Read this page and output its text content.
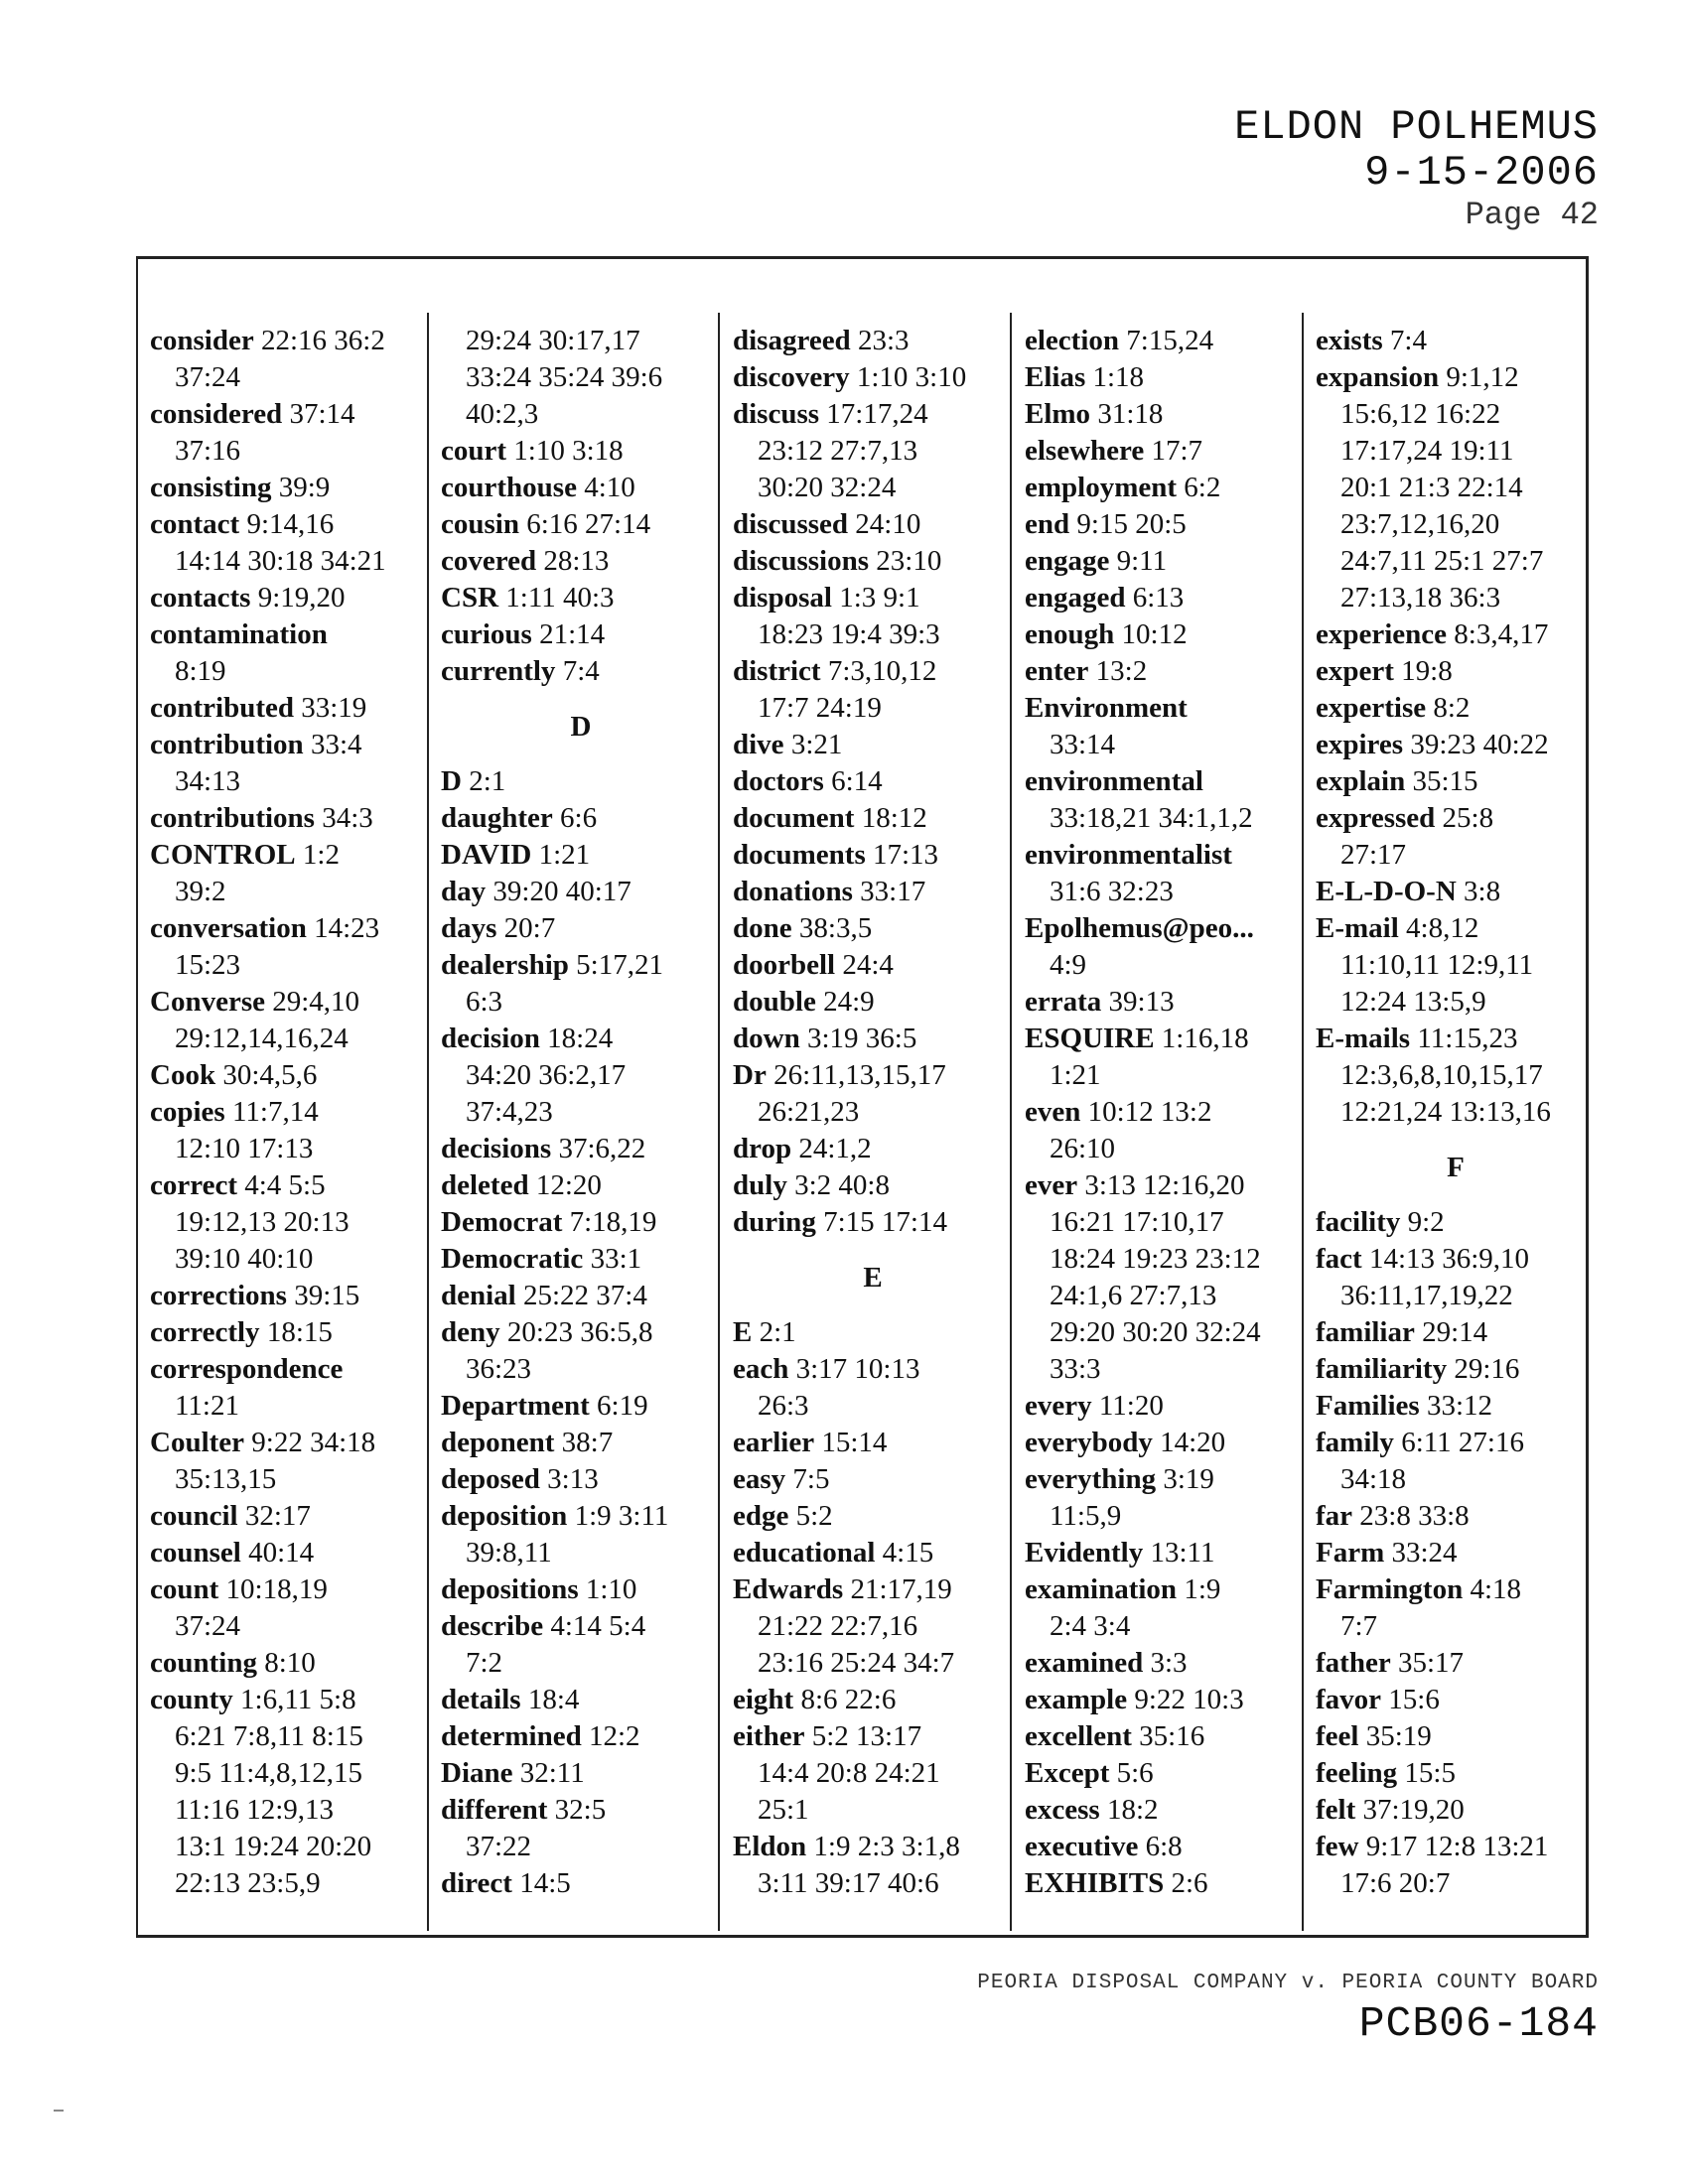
ELDON POLHEMUS
9-15-2006
Page 42
consider 22:16 36:2
37:24
considered 37:14
37:16
consisting 39:9
contact 9:14,16
14:14 30:18 34:21
contacts 9:19,20
contamination
8:19
contributed 33:19
contribution 33:4
34:13
contributions 34:3
CONTROL 1:2
39:2
conversation 14:23
15:23
Converse 29:4,10
29:12,14,16,24
Cook 30:4,5,6
copies 11:7,14
12:10 17:13
correct 4:4 5:5
19:12,13 20:13
39:10 40:10
corrections 39:15
correctly 18:15
correspondence
11:21
Coulter 9:22 34:18
35:13,15
council 32:17
counsel 40:14
count 10:18,19
37:24
counting 8:10
county 1:6,11 5:8
6:21 7:8,11 8:15
9:5 11:4,8,12,15
11:16 12:9,13
13:1 19:24 20:20
22:13 23:5,9
29:24 30:17,17
33:24 35:24 39:6
40:2,3
court 1:10 3:18
courthouse 4:10
cousin 6:16 27:14
covered 28:13
CSR 1:11 40:3
curious 21:14
currently 7:4
D
D 2:1
daughter 6:6
DAVID 1:21
day 39:20 40:17
days 20:7
dealership 5:17,21
6:3
decision 18:24
34:20 36:2,17
37:4,23
decisions 37:6,22
deleted 12:20
Democrat 7:18,19
Democratic 33:1
denial 25:22 37:4
deny 20:23 36:5,8
36:23
Department 6:19
deponent 38:7
deposed 3:13
deposition 1:9 3:11
39:8,11
depositions 1:10
describe 4:14 5:4
7:2
details 18:4
determined 12:2
Diane 32:11
different 32:5
37:22
direct 14:5
disagreed 23:3
discovery 1:10 3:10
discuss 17:17,24
23:12 27:7,13
30:20 32:24
discussed 24:10
discussions 23:10
disposal 1:3 9:1
18:23 19:4 39:3
district 7:3,10,12
17:7 24:19
dive 3:21
doctors 6:14
document 18:12
documents 17:13
donations 33:17
done 38:3,5
doorbell 24:4
double 24:9
down 3:19 36:5
Dr 26:11,13,15,17
26:21,23
drop 24:1,2
duly 3:2 40:8
during 7:15 17:14
E
E 2:1
each 3:17 10:13
26:3
earlier 15:14
easy 7:5
edge 5:2
educational 4:15
Edwards 21:17,19
21:22 22:7,16
23:16 25:24 34:7
eight 8:6 22:6
either 5:2 13:17
14:4 20:8 24:21
25:1
Eldon 1:9 2:3 3:1,8
3:11 39:17 40:6
election 7:15,24
Elias 1:18
Elmo 31:18
elsewhere 17:7
employment 6:2
end 9:15 20:5
engage 9:11
engaged 6:13
enough 10:12
enter 13:2
Environment
33:14
environmental
33:18,21 34:1,1,2
environmentalist
31:6 32:23
Epolhemus@peo...
4:9
errata 39:13
ESQUIRE 1:16,18
1:21
even 10:12 13:2
26:10
ever 3:13 12:16,20
16:21 17:10,17
18:24 19:23 23:12
24:1,6 27:7,13
29:20 30:20 32:24
33:3
every 11:20
everybody 14:20
everything 3:19
11:5,9
Evidently 13:11
examination 1:9
2:4 3:4
examined 3:3
example 9:22 10:3
excellent 35:16
Except 5:6
excess 18:2
executive 6:8
EXHIBITS 2:6
exists 7:4
expansion 9:1,12
15:6,12 16:22
17:17,24 19:11
20:1 21:3 22:14
23:7,12,16,20
24:7,11 25:1 27:7
27:13,18 36:3
experience 8:3,4,17
expert 19:8
expertise 8:2
expires 39:23 40:22
explain 35:15
expressed 25:8
27:17
E-L-D-O-N 3:8
E-mail 4:8,12
11:10,11 12:9,11
12:24 13:5,9
E-mails 11:15,23
12:3,6,8,10,15,17
12:21,24 13:13,16
F
facility 9:2
fact 14:13 36:9,10
36:11,17,19,22
familiar 29:14
familiarity 29:16
Families 33:12
family 6:11 27:16
34:18
far 23:8 33:8
Farm 33:24
Farmington 4:18
7:7
father 35:17
favor 15:6
feel 35:19
feeling 15:5
felt 37:19,20
few 9:17 12:8 13:21
17:6 20:7
PEORIA DISPOSAL COMPANY v. PEORIA COUNTY BOARD
PCB06-184
